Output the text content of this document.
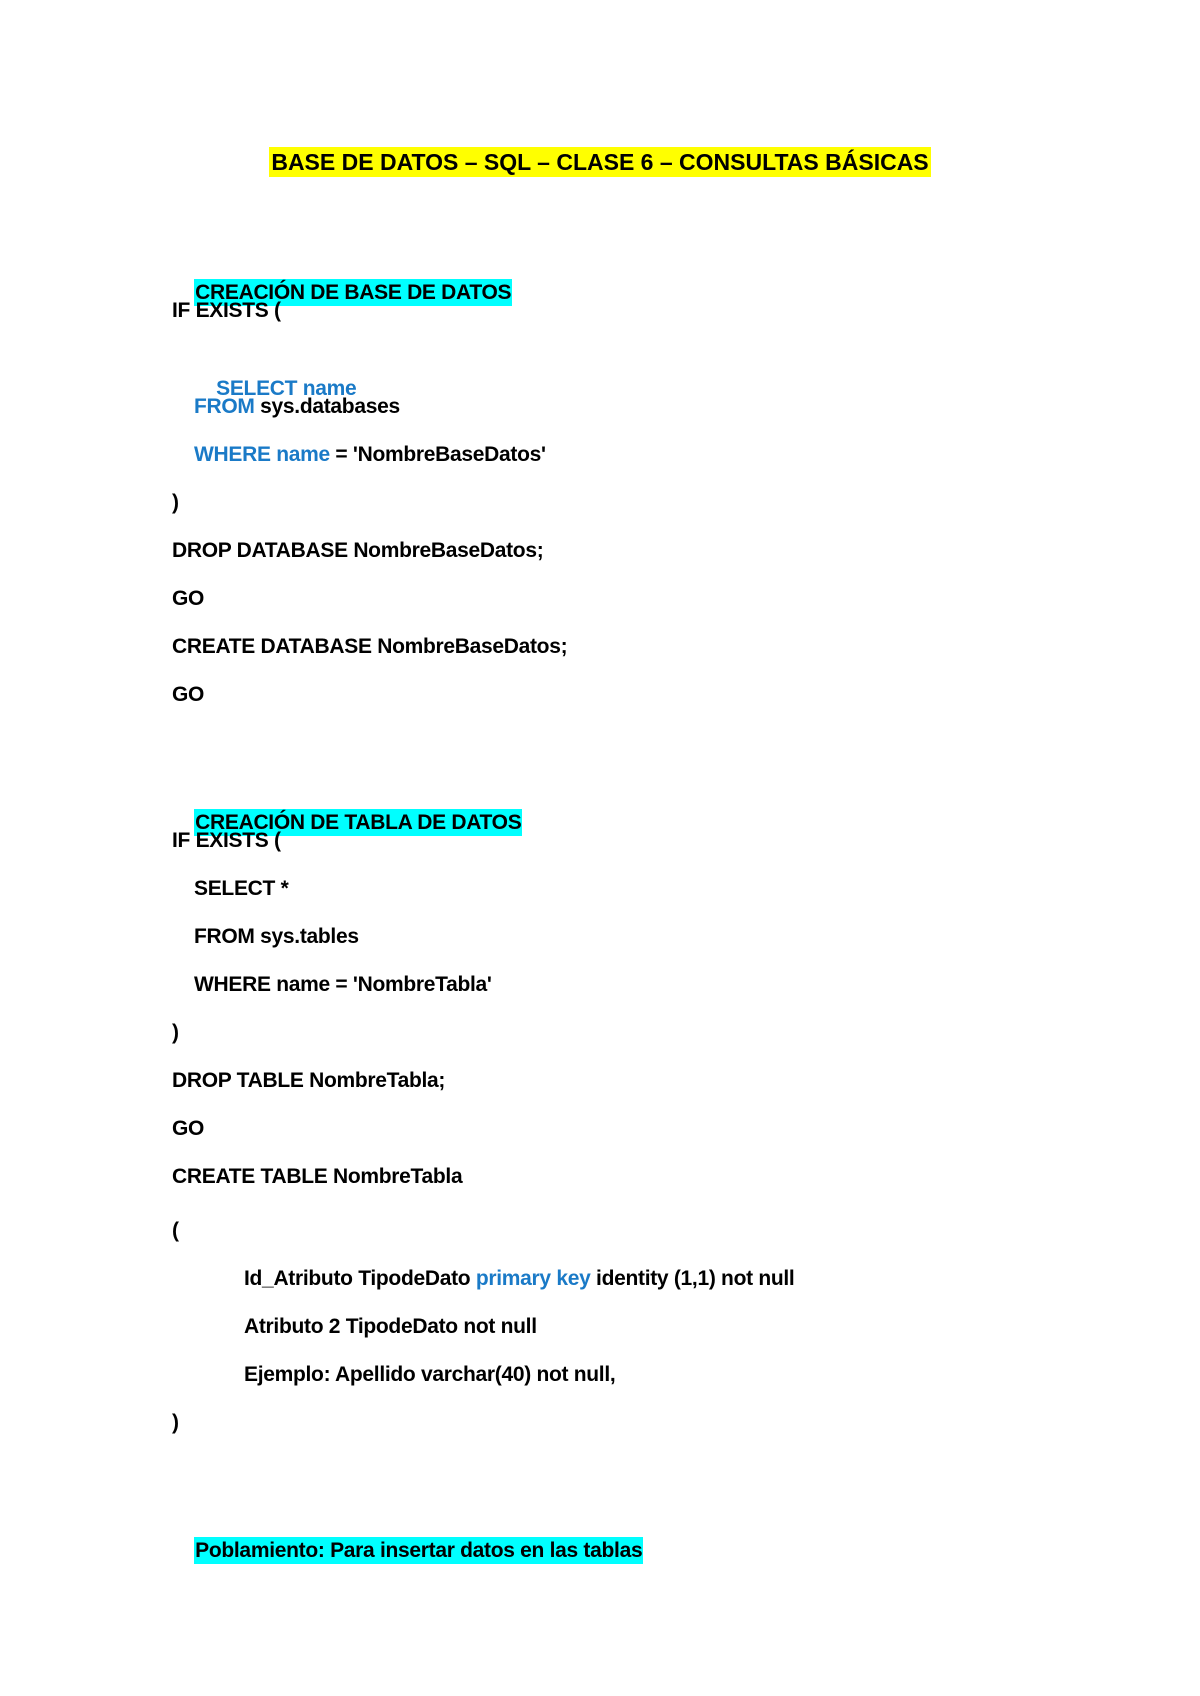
BASE DE DATOS – SQL – CLASE 6 – CONSULTAS BÁSICAS

CREACIÓN DE BASE DE DATOS

IF EXISTS (

SELECT name

FROM sys.databases
WHERE name = 'NombreBaseDatos'
)
DROP DATABASE NombreBaseDatos;
GO
CREATE DATABASE NombreBaseDatos;
GO

CREACIÓN DE TABLA DE DATOS

IF EXISTS (
SELECT *
FROM sys.tables
WHERE name = 'NombreTabla'
)
DROP TABLE NombreTabla;
GO
CREATE TABLE NombreTabla
(
Id_Atributo TipodeDato primary key identity (1,1) not null
Atributo 2 TipodeDato not null
Ejemplo: Apellido varchar(40) not null,
)

Poblamiento: Para insertar datos en las tablas
